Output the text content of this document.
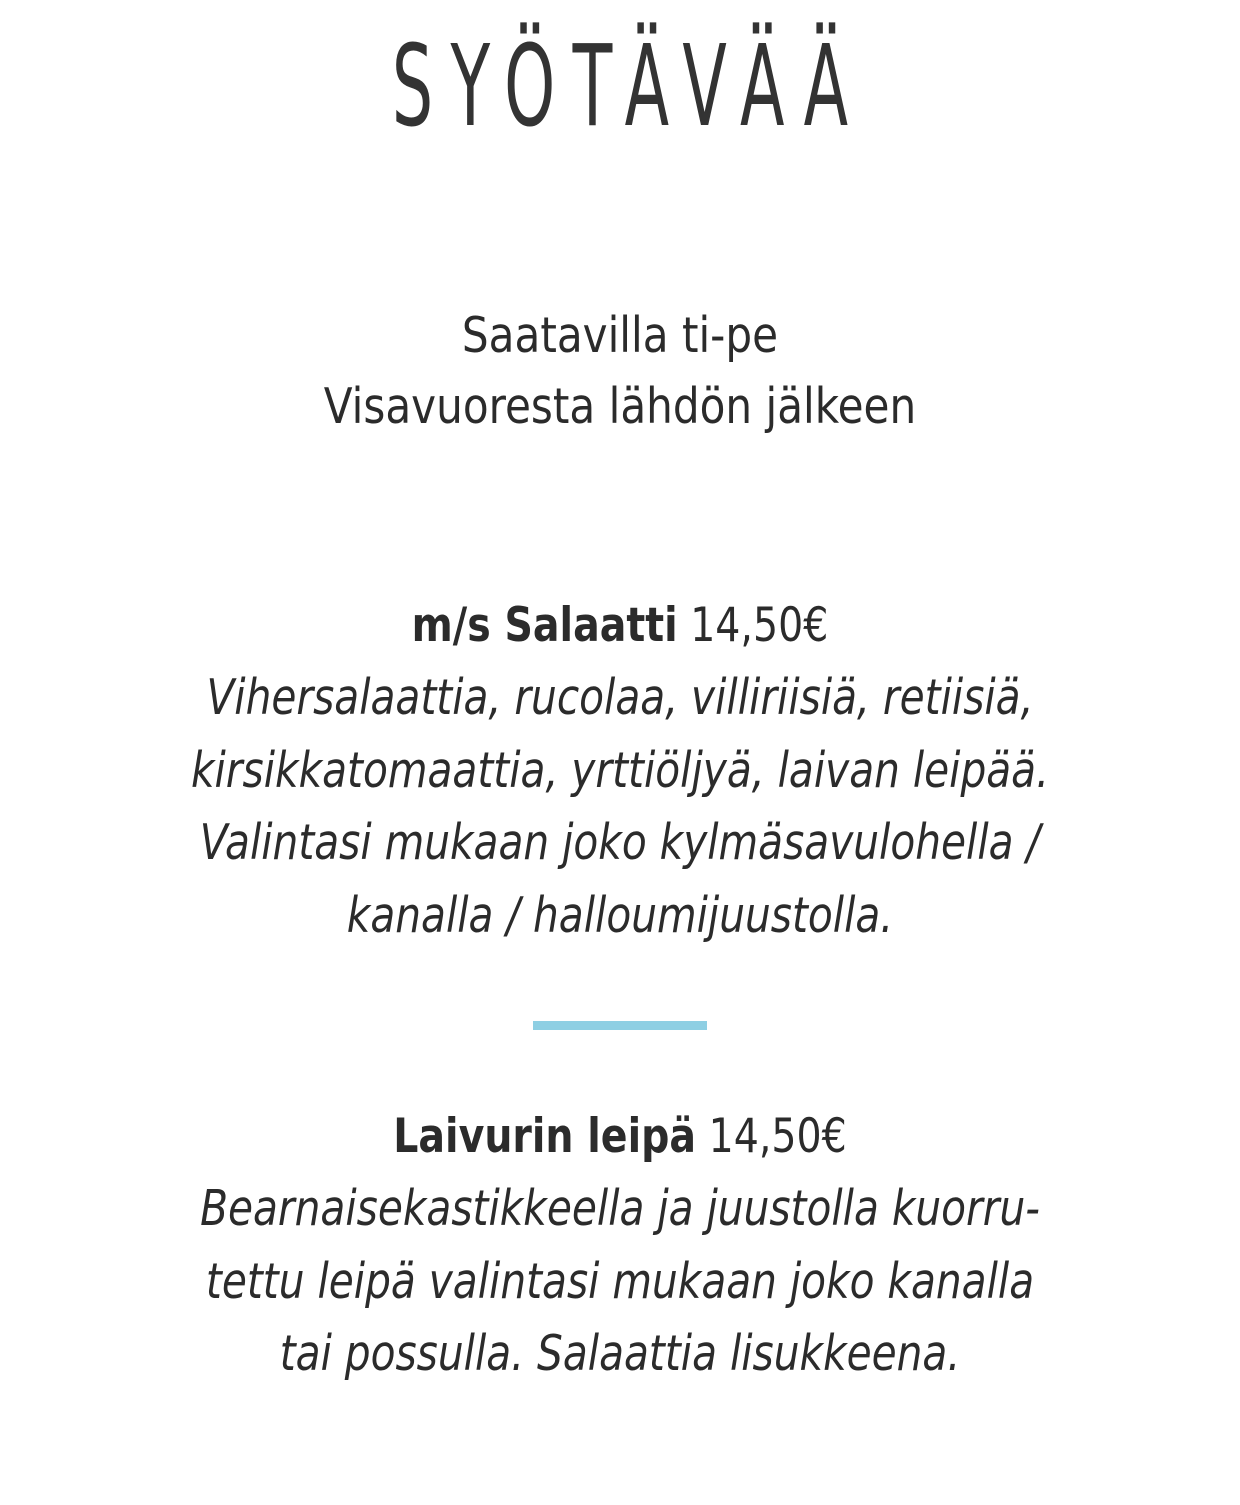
SYÖTÄVÄÄ
Saatavilla ti-pe
Visavuoresta lähdön jälkeen
m/s Salaatti 14,50€
Vihersalaattia, rucolaa, villiriisiä, retiisiä,
kirsikkatomaattia, yrttiöljyä, laivan leipää.
Valintasi mukaan joko kylmäsavulohella /
kanalla / halloumijuustolla.
Laivurin leipä 14,50€
Bearnaisekastikkeella ja juustolla kuorru-
tettu leipä valintasi mukaan joko kanalla
tai possulla. Salaattia lisukkeena.
